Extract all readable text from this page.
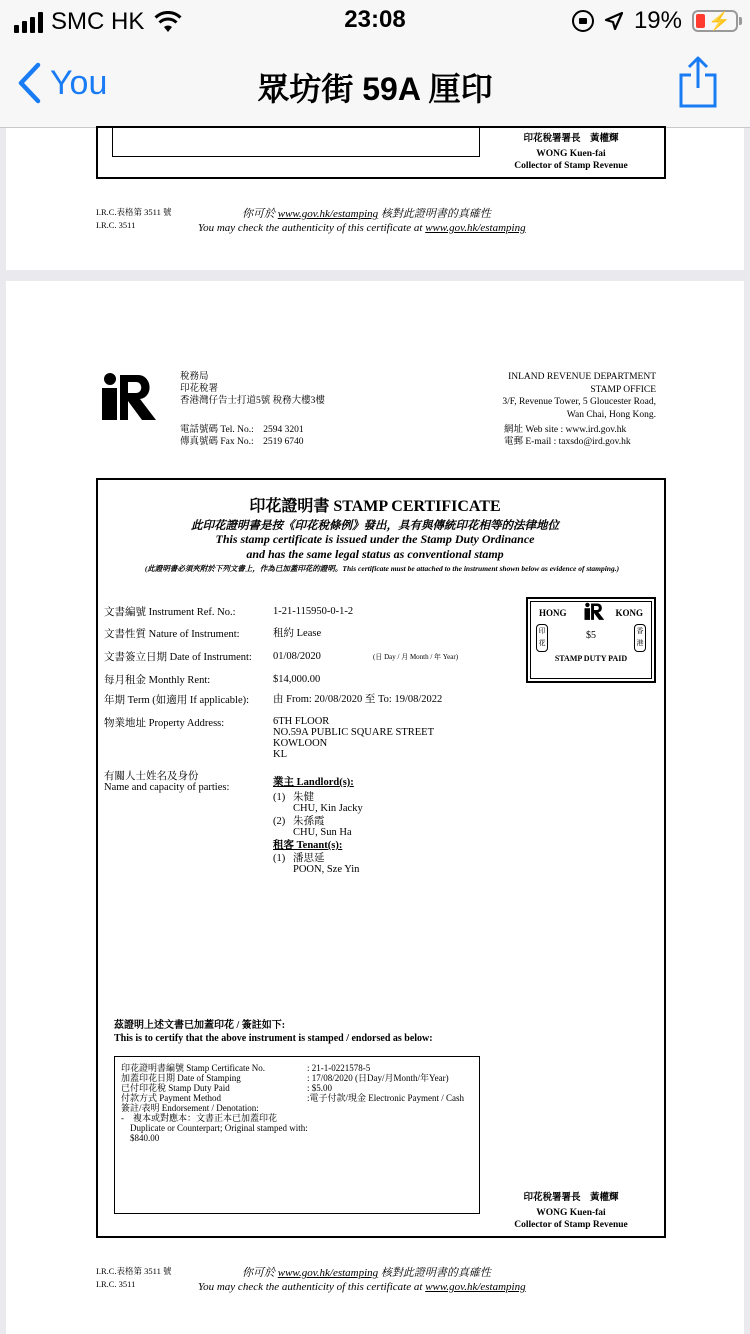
SMC HK	23:08	19% ⚡
You	眾坊街 59A 厘印
印花稅署署長　黃權輝
WONG Kuen-fai
Collector of Stamp Revenue
I.R.C.表格第 3511 號
I.R.C. 3511
你可於 www.gov.hk/estamping 核對此證明書的真確性
You may check the authenticity of this certificate at www.gov.hk/estamping
稅務局
印花稅署
香港灣仔告士打道5號 稅務大樓3樓
電話號碼 Tel. No.:　2594 3201
傳真號碼 Fax No.:　2519 6740
INLAND REVENUE DEPARTMENT
STAMP OFFICE
3/F, Revenue Tower, 5 Gloucester Road,
Wan Chai, Hong Kong.
網址 Web site : www.ird.gov.hk
電郵 E-mail : taxsdo@ird.gov.hk
印花證明書 STAMP CERTIFICATE
此印花證明書是按《印花稅條例》發出，具有與傳統印花相等的法律地位
This stamp certificate is issued under the Stamp Duty Ordinance
and has the same legal status as conventional stamp
(此證明書必須夾附於下列文書上，作為已加蓋印花的證明。This certificate must be attached to the instrument shown below as evidence of stamping.)
文書編號 Instrument Ref. No.:	1-21-115950-0-1-2
文書性質 Nature of Instrument:	租約 Lease
文書簽立日期 Date of Instrument: 01/08/2020	(日 Day / 月 Month / 年 Year)
每月租金 Monthly Rent:	$14,000.00
年期 Term (如適用 If applicable): 由 From: 20/08/2020 至 To: 19/08/2022
物業地址 Property Address:	6TH FLOOR
NO.59A PUBLIC SQUARE STREET
KOWLOON
KL
有關人士姓名及身份
Name and capacity of parties:	業主 Landlord(s):
(1) 朱健
CHU, Kin Jacky
(2) 朱孫霞
CHU, Sun Ha
租客 Tenant(s):
(1) 潘思延
POON, Sze Yin
HONG	KONG
印花
香港
$5
STAMP DUTY PAID
茲證明上述文書已加蓋印花 / 簽註如下:
This is to certify that the above instrument is stamped / endorsed as below:
印花證明書編號 Stamp Certificate No.	: 21-1-0221578-5
加蓋印花日期 Date of Stamping	: 17/08/2020 (日Day/月Month/年Year)
已付印花稅 Stamp Duty Paid	: $5.00
付款方式 Payment Method	:電子付款/現金 Electronic Payment / Cash
簽註/表明 Endorsement / Denotation:
-　複本或對應本：文書正本已加蓋印花
　Duplicate or Counterpart; Original stamped with:
　$840.00
印花稅署署長　黃權輝
WONG Kuen-fai
Collector of Stamp Revenue
I.R.C.表格第 3511 號
I.R.C. 3511
你可於 www.gov.hk/estamping 核對此證明書的真確性
You may check the authenticity of this certificate at www.gov.hk/estamping
